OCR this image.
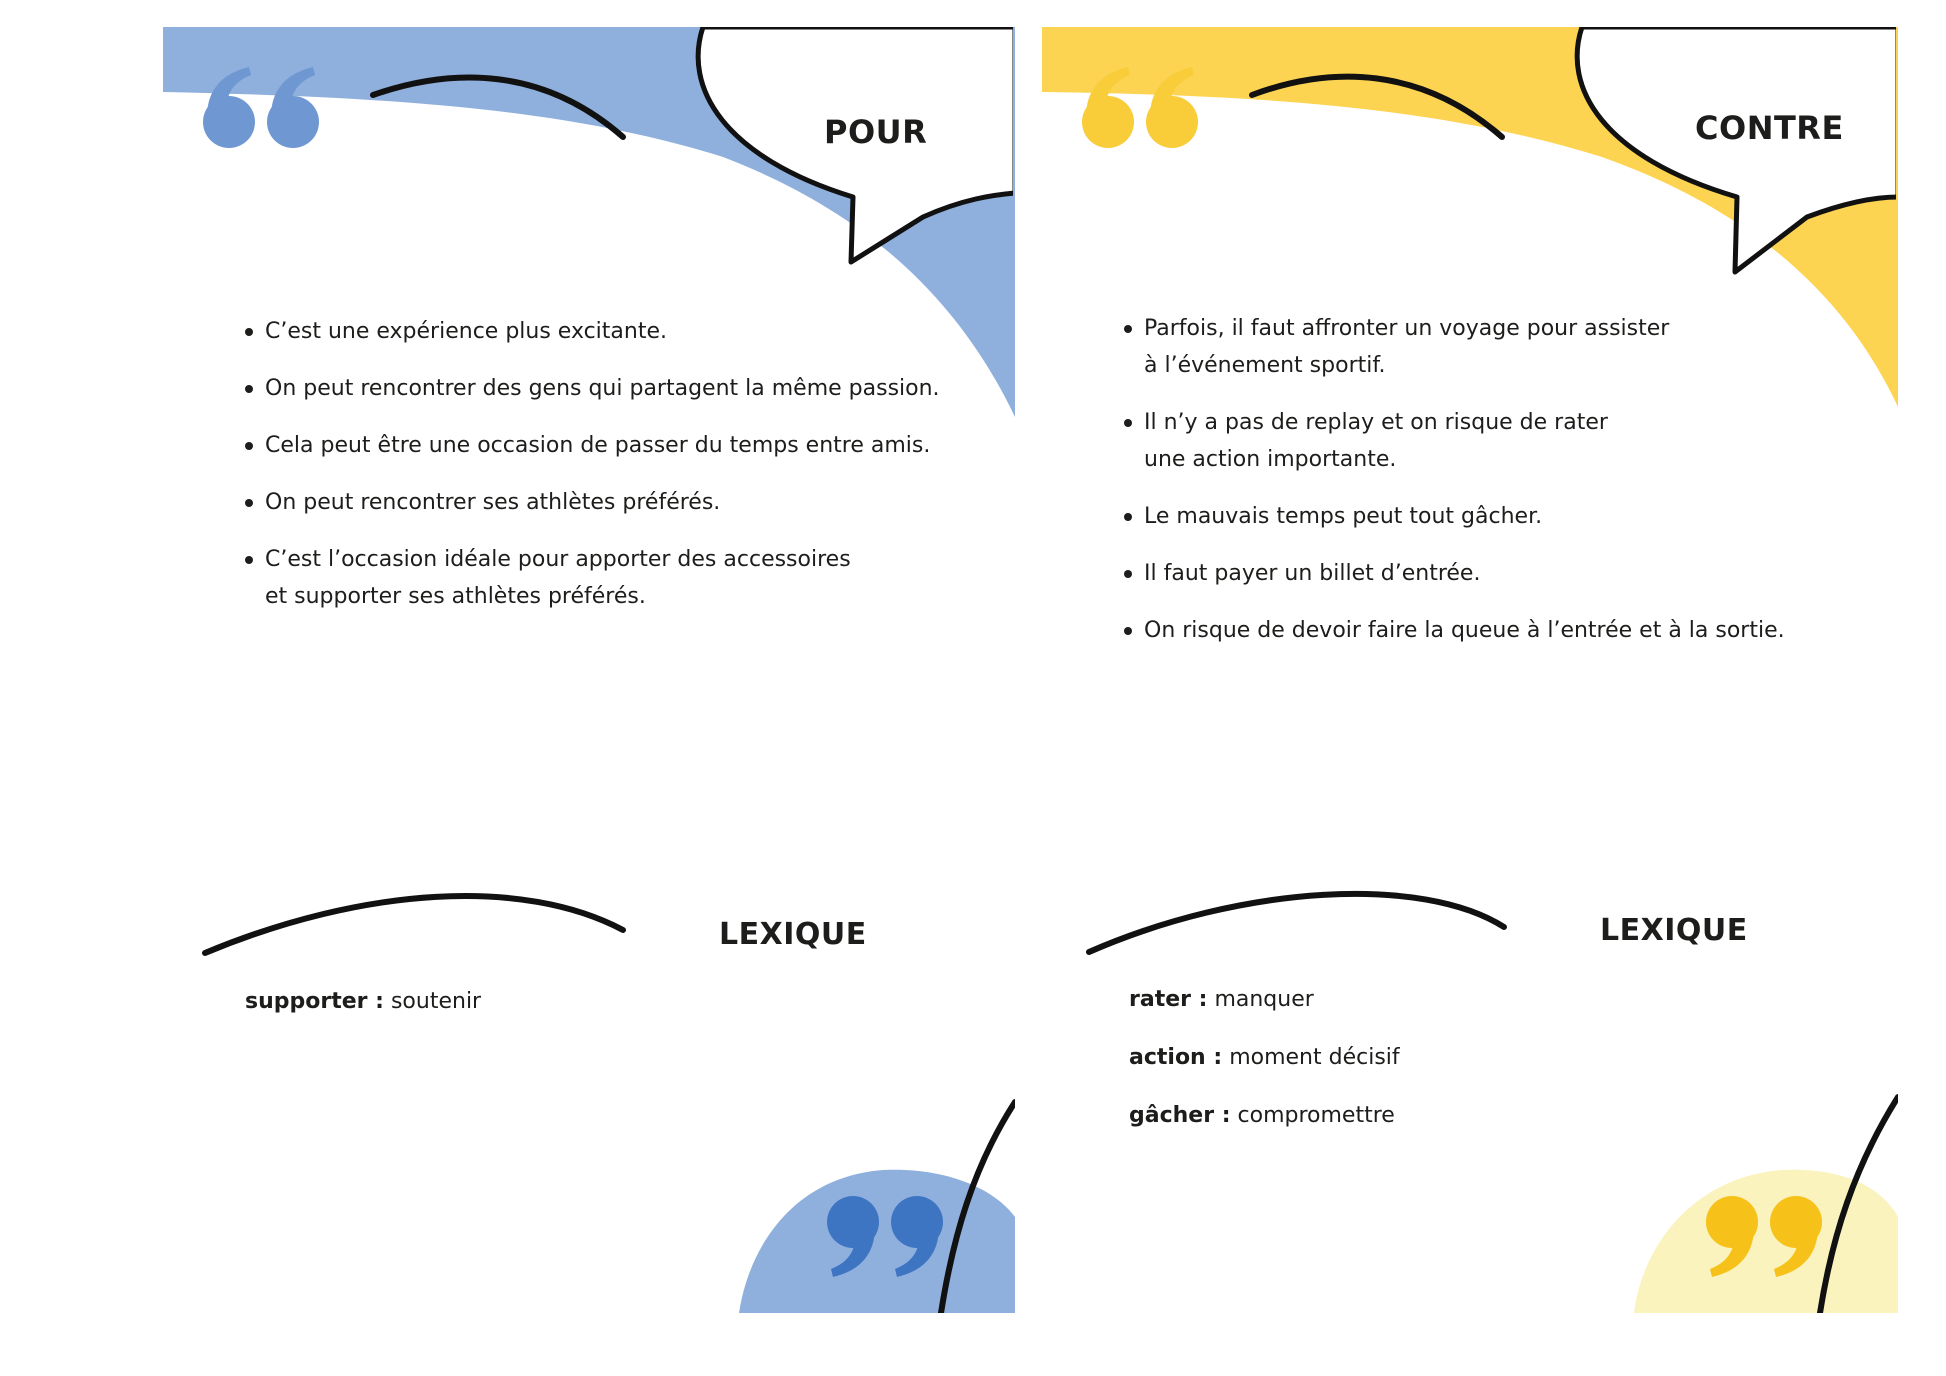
POUR
C’est une expérience plus excitante.
On peut rencontrer des gens qui partagent la même passion.
Cela peut être une occasion de passer du temps entre amis.
On peut rencontrer ses athlètes préférés.
C’est l’occasion idéale pour apporter des accessoires
et supporter ses athlètes préférés.
LEXIQUE
supporter : soutenir
CONTRE
Parfois, il faut affronter un voyage pour assister
à l’événement sportif.
Il n’y a pas de replay et on risque de rater
une action importante.
Le mauvais temps peut tout gâcher.
Il faut payer un billet d’entrée.
On risque de devoir faire la queue à l’entrée et à la sortie.
LEXIQUE
rater : manquer
action : moment décisif
gâcher : compromettre
